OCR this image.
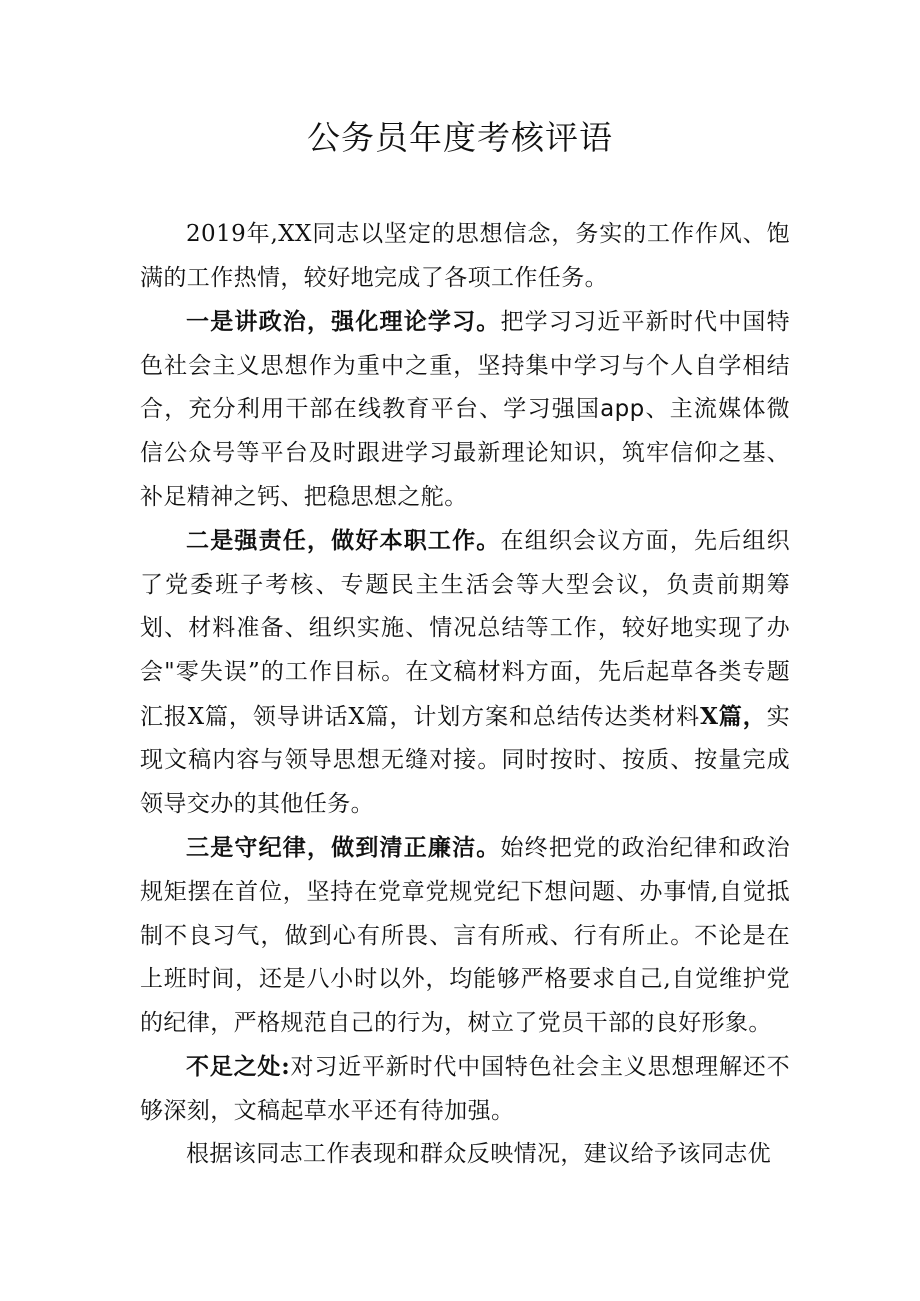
公务员年度考核评语

2019年,XX同志以坚定的思想信念，务实的工作作风、饱满的工作热情，较好地完成了各项工作任务。

一是讲政治，强化理论学习。把学习习近平新时代中国特色社会主义思想作为重中之重，坚持集中学习与个人自学相结合，充分利用干部在线教育平台、学习强国app、主流媒体微信公众号等平台及时跟进学习最新理论知识，筑牢信仰之基、补足精神之钙、把稳思想之舵。

二是强责任，做好本职工作。在组织会议方面，先后组织了党委班子考核、专题民主生活会等大型会议，负责前期筹划、材料准备、组织实施、情况总结等工作，较好地实现了办会"零失误”的工作目标。在文稿材料方面，先后起草各类专题汇报X篇，领导讲话X篇，计划方案和总结传达类材料X篇，实现文稿内容与领导思想无缝对接。同时按时、按质、按量完成领导交办的其他任务。

三是守纪律，做到清正廉洁。始终把党的政治纪律和政治规矩摆在首位，坚持在党章党规党纪下想问题、办事情,自觉抵制不良习气，做到心有所畏、言有所戒、行有所止。不论是在上班时间，还是八小时以外，均能够严格要求自己,自觉维护党的纪律，严格规范自己的行为，树立了党员干部的良好形象。

不足之处:对习近平新时代中国特色社会主义思想理解还不够深刻，文稿起草水平还有待加强。

根据该同志工作表现和群众反映情况，建议给予该同志优
